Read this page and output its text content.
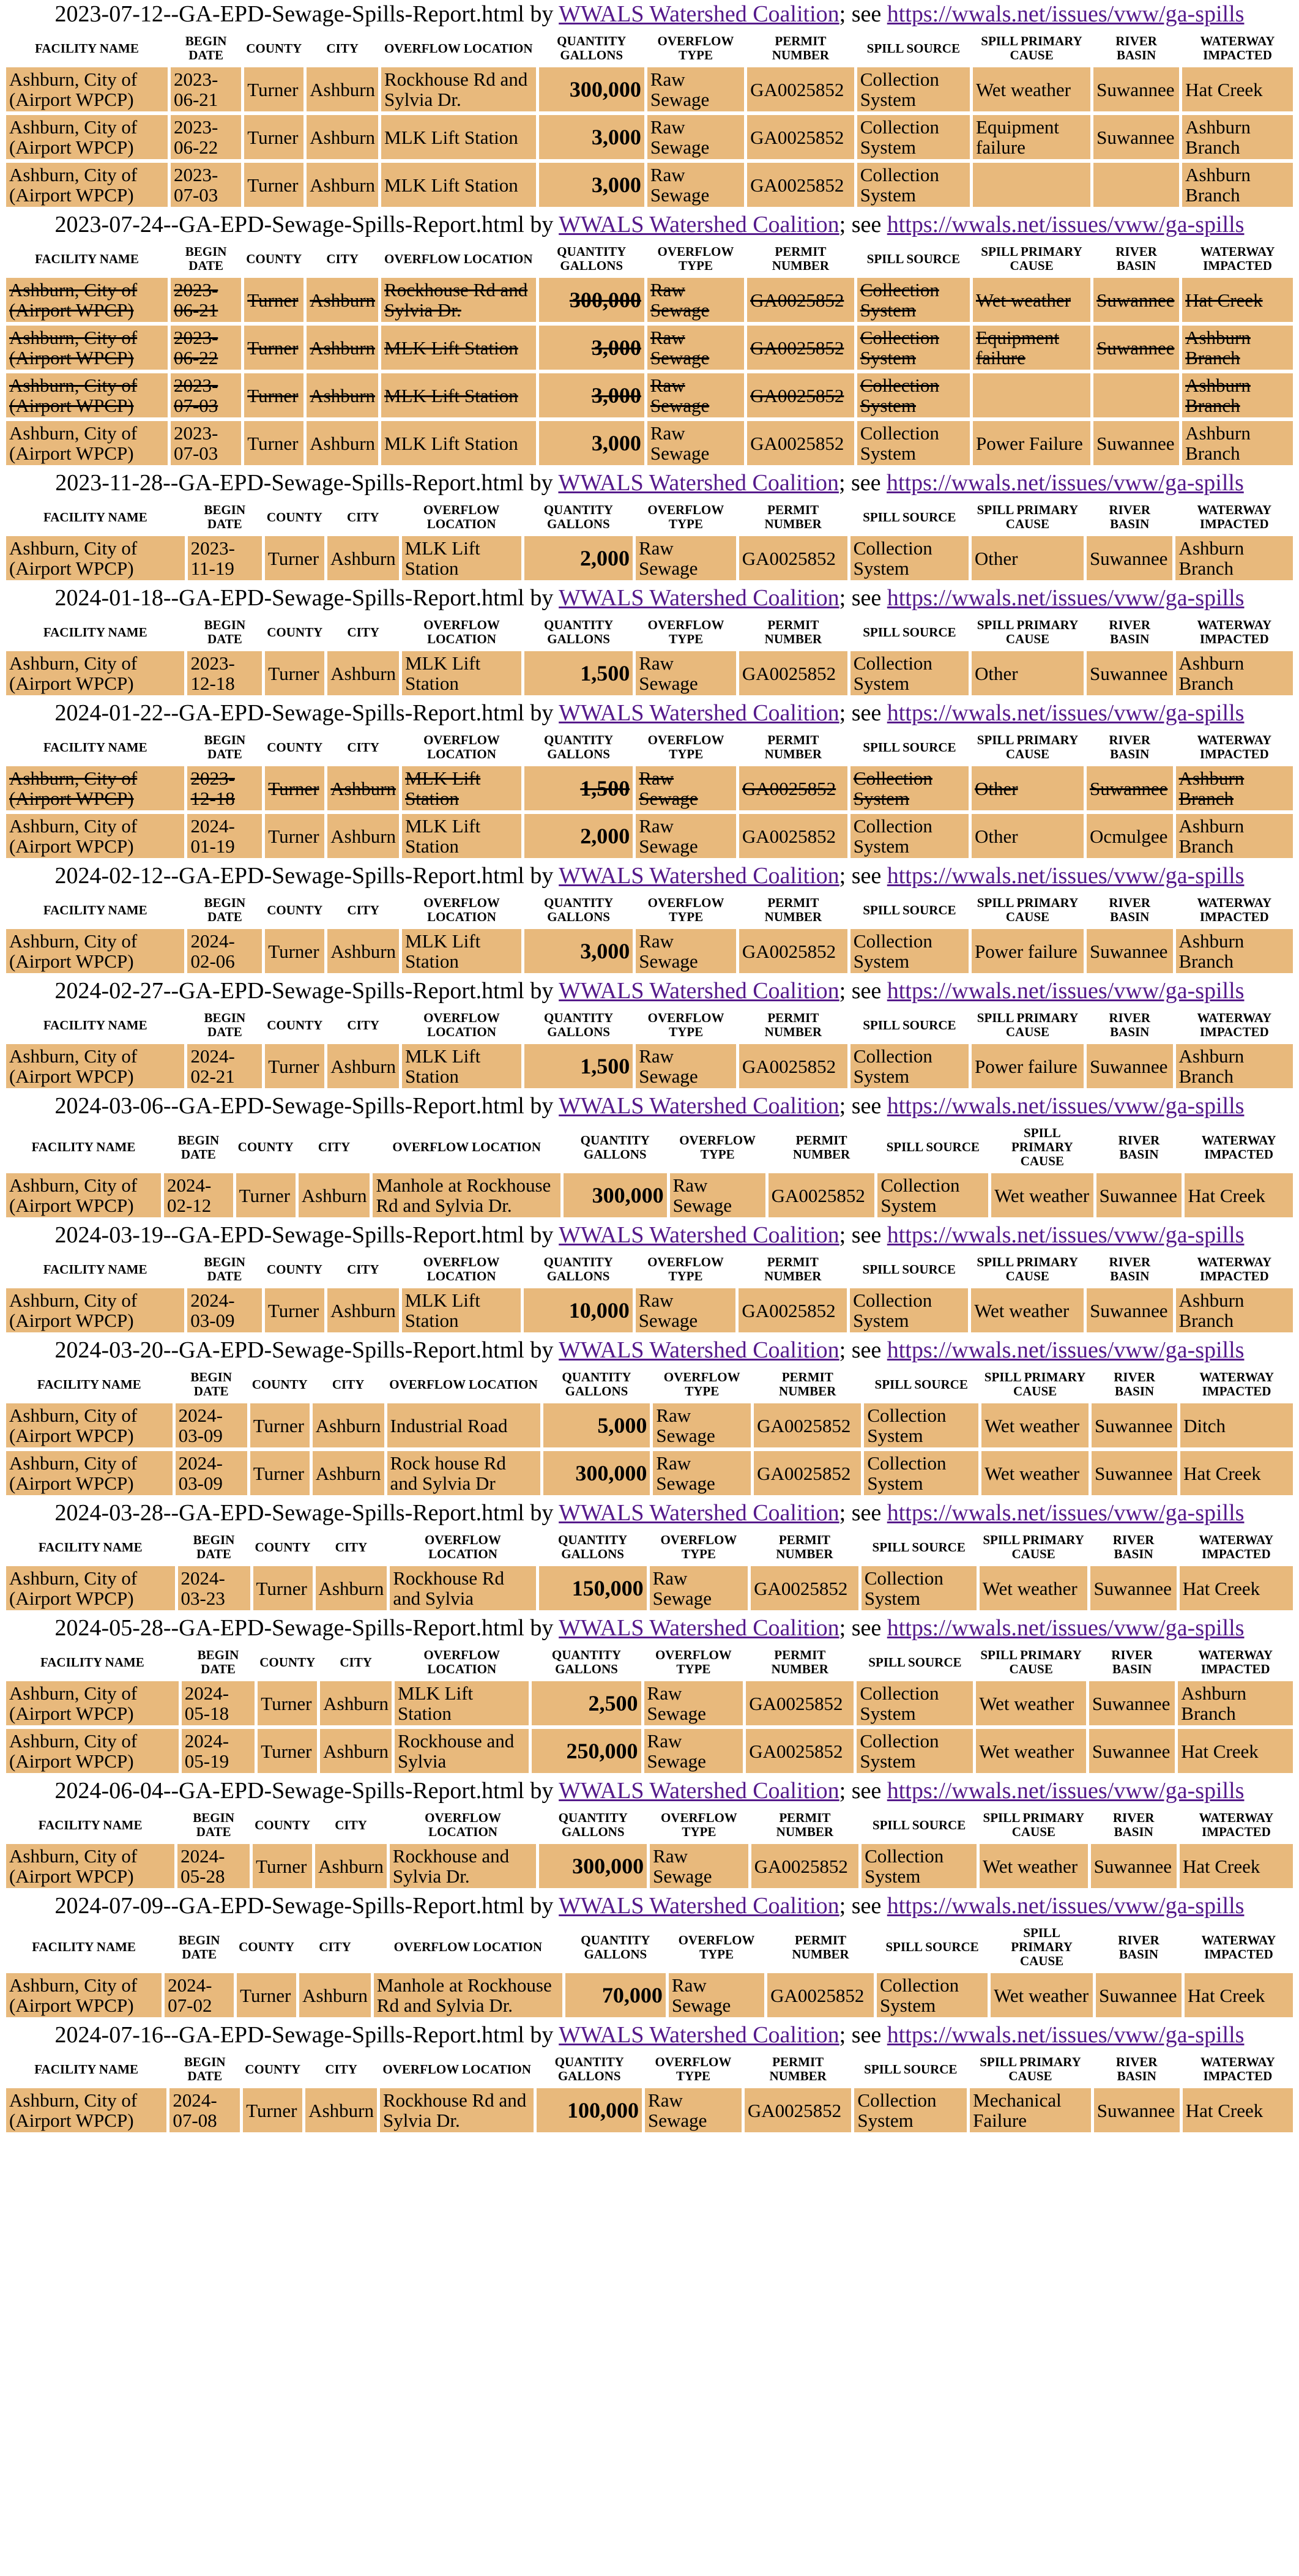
2023-07-12--GA-EPD-Sewage-Spills-Report.html by WWALS Watershed Coalition; see https://wwals.net/issues/vww/ga-spills
FACILITY NAME	BEGIN DATE	COUNTY	CITY	OVERFLOW LOCATION	QUANTITY GALLONS	OVERFLOW TYPE	PERMIT NUMBER	SPILL SOURCE	SPILL PRIMARY CAUSE	RIVER BASIN	WATERWAY IMPACTED
Ashburn, City of (Airport WPCP)	2023-06-21	Turner	Ashburn	Rockhouse Rd and Sylvia Dr.	300,000	Raw Sewage	GA0025852	Collection System	Wet weather	Suwannee	Hat Creek
Ashburn, City of (Airport WPCP)	2023-06-22	Turner	Ashburn	MLK Lift Station	3,000	Raw Sewage	GA0025852	Collection System	Equipment failure	Suwannee	Ashburn Branch
Ashburn, City of (Airport WPCP)	2023-07-03	Turner	Ashburn	MLK Lift Station	3,000	Raw Sewage	GA0025852	Collection System			Ashburn Branch
2023-07-24--GA-EPD-Sewage-Spills-Report.html by WWALS Watershed Coalition; see https://wwals.net/issues/vww/ga-spills
FACILITY NAME	BEGIN DATE	COUNTY	CITY	OVERFLOW LOCATION	QUANTITY GALLONS	OVERFLOW TYPE	PERMIT NUMBER	SPILL SOURCE	SPILL PRIMARY CAUSE	RIVER BASIN	WATERWAY IMPACTED
Ashburn, City of (Airport WPCP)	2023-06-21	Turner	Ashburn	Rockhouse Rd and Sylvia Dr.	300,000	Raw Sewage	GA0025852	Collection System	Wet weather	Suwannee	Hat Creek
Ashburn, City of (Airport WPCP)	2023-06-22	Turner	Ashburn	MLK Lift Station	3,000	Raw Sewage	GA0025852	Collection System	Equipment failure	Suwannee	Ashburn Branch
Ashburn, City of (Airport WPCP)	2023-07-03	Turner	Ashburn	MLK Lift Station	3,000	Raw Sewage	GA0025852	Collection System			Ashburn Branch
Ashburn, City of (Airport WPCP)	2023-07-03	Turner	Ashburn	MLK Lift Station	3,000	Raw Sewage	GA0025852	Collection System	Power Failure	Suwannee	Ashburn Branch
2023-11-28--GA-EPD-Sewage-Spills-Report.html by WWALS Watershed Coalition; see https://wwals.net/issues/vww/ga-spills
FACILITY NAME	BEGIN DATE	COUNTY	CITY	OVERFLOW LOCATION	QUANTITY GALLONS	OVERFLOW TYPE	PERMIT NUMBER	SPILL SOURCE	SPILL PRIMARY CAUSE	RIVER BASIN	WATERWAY IMPACTED
Ashburn, City of (Airport WPCP)	2023-11-19	Turner	Ashburn	MLK Lift Station	2,000	Raw Sewage	GA0025852	Collection System	Other	Suwannee	Ashburn Branch
2024-01-18--GA-EPD-Sewage-Spills-Report.html by WWALS Watershed Coalition; see https://wwals.net/issues/vww/ga-spills
FACILITY NAME	BEGIN DATE	COUNTY	CITY	OVERFLOW LOCATION	QUANTITY GALLONS	OVERFLOW TYPE	PERMIT NUMBER	SPILL SOURCE	SPILL PRIMARY CAUSE	RIVER BASIN	WATERWAY IMPACTED
Ashburn, City of (Airport WPCP)	2023-12-18	Turner	Ashburn	MLK Lift Station	1,500	Raw Sewage	GA0025852	Collection System	Other	Suwannee	Ashburn Branch
2024-01-22--GA-EPD-Sewage-Spills-Report.html by WWALS Watershed Coalition; see https://wwals.net/issues/vww/ga-spills
FACILITY NAME	BEGIN DATE	COUNTY	CITY	OVERFLOW LOCATION	QUANTITY GALLONS	OVERFLOW TYPE	PERMIT NUMBER	SPILL SOURCE	SPILL PRIMARY CAUSE	RIVER BASIN	WATERWAY IMPACTED
Ashburn, City of (Airport WPCP)	2023-12-18	Turner	Ashburn	MLK Lift Station	1,500	Raw Sewage	GA0025852	Collection System	Other	Suwannee	Ashburn Branch
Ashburn, City of (Airport WPCP)	2024-01-19	Turner	Ashburn	MLK Lift Station	2,000	Raw Sewage	GA0025852	Collection System	Other	Ocmulgee	Ashburn Branch
2024-02-12--GA-EPD-Sewage-Spills-Report.html by WWALS Watershed Coalition; see https://wwals.net/issues/vww/ga-spills
FACILITY NAME	BEGIN DATE	COUNTY	CITY	OVERFLOW LOCATION	QUANTITY GALLONS	OVERFLOW TYPE	PERMIT NUMBER	SPILL SOURCE	SPILL PRIMARY CAUSE	RIVER BASIN	WATERWAY IMPACTED
Ashburn, City of (Airport WPCP)	2024-02-06	Turner	Ashburn	MLK Lift Station	3,000	Raw Sewage	GA0025852	Collection System	Power failure	Suwannee	Ashburn Branch
2024-02-27--GA-EPD-Sewage-Spills-Report.html by WWALS Watershed Coalition; see https://wwals.net/issues/vww/ga-spills
FACILITY NAME	BEGIN DATE	COUNTY	CITY	OVERFLOW LOCATION	QUANTITY GALLONS	OVERFLOW TYPE	PERMIT NUMBER	SPILL SOURCE	SPILL PRIMARY CAUSE	RIVER BASIN	WATERWAY IMPACTED
Ashburn, City of (Airport WPCP)	2024-02-21	Turner	Ashburn	MLK Lift Station	1,500	Raw Sewage	GA0025852	Collection System	Power failure	Suwannee	Ashburn Branch
2024-03-06--GA-EPD-Sewage-Spills-Report.html by WWALS Watershed Coalition; see https://wwals.net/issues/vww/ga-spills
FACILITY NAME	BEGIN DATE	COUNTY	CITY	OVERFLOW LOCATION	QUANTITY GALLONS	OVERFLOW TYPE	PERMIT NUMBER	SPILL SOURCE	SPILL PRIMARY CAUSE	RIVER BASIN	WATERWAY IMPACTED
Ashburn, City of (Airport WPCP)	2024-02-12	Turner	Ashburn	Manhole at Rockhouse Rd and Sylvia Dr.	300,000	Raw Sewage	GA0025852	Collection System	Wet weather	Suwannee	Hat Creek
2024-03-19--GA-EPD-Sewage-Spills-Report.html by WWALS Watershed Coalition; see https://wwals.net/issues/vww/ga-spills
FACILITY NAME	BEGIN DATE	COUNTY	CITY	OVERFLOW LOCATION	QUANTITY GALLONS	OVERFLOW TYPE	PERMIT NUMBER	SPILL SOURCE	SPILL PRIMARY CAUSE	RIVER BASIN	WATERWAY IMPACTED
Ashburn, City of (Airport WPCP)	2024-03-09	Turner	Ashburn	MLK Lift Station	10,000	Raw Sewage	GA0025852	Collection System	Wet weather	Suwannee	Ashburn Branch
2024-03-20--GA-EPD-Sewage-Spills-Report.html by WWALS Watershed Coalition; see https://wwals.net/issues/vww/ga-spills
FACILITY NAME	BEGIN DATE	COUNTY	CITY	OVERFLOW LOCATION	QUANTITY GALLONS	OVERFLOW TYPE	PERMIT NUMBER	SPILL SOURCE	SPILL PRIMARY CAUSE	RIVER BASIN	WATERWAY IMPACTED
Ashburn, City of (Airport WPCP)	2024-03-09	Turner	Ashburn	Industrial Road	5,000	Raw Sewage	GA0025852	Collection System	Wet weather	Suwannee	Ditch
Ashburn, City of (Airport WPCP)	2024-03-09	Turner	Ashburn	Rock house Rd and Sylvia Dr	300,000	Raw Sewage	GA0025852	Collection System	Wet weather	Suwannee	Hat Creek
2024-03-28--GA-EPD-Sewage-Spills-Report.html by WWALS Watershed Coalition; see https://wwals.net/issues/vww/ga-spills
FACILITY NAME	BEGIN DATE	COUNTY	CITY	OVERFLOW LOCATION	QUANTITY GALLONS	OVERFLOW TYPE	PERMIT NUMBER	SPILL SOURCE	SPILL PRIMARY CAUSE	RIVER BASIN	WATERWAY IMPACTED
Ashburn, City of (Airport WPCP)	2024-03-23	Turner	Ashburn	Rockhouse Rd and Sylvia	150,000	Raw Sewage	GA0025852	Collection System	Wet weather	Suwannee	Hat Creek
2024-05-28--GA-EPD-Sewage-Spills-Report.html by WWALS Watershed Coalition; see https://wwals.net/issues/vww/ga-spills
FACILITY NAME	BEGIN DATE	COUNTY	CITY	OVERFLOW LOCATION	QUANTITY GALLONS	OVERFLOW TYPE	PERMIT NUMBER	SPILL SOURCE	SPILL PRIMARY CAUSE	RIVER BASIN	WATERWAY IMPACTED
Ashburn, City of (Airport WPCP)	2024-05-18	Turner	Ashburn	MLK Lift Station	2,500	Raw Sewage	GA0025852	Collection System	Wet weather	Suwannee	Ashburn Branch
Ashburn, City of (Airport WPCP)	2024-05-19	Turner	Ashburn	Rockhouse and Sylvia	250,000	Raw Sewage	GA0025852	Collection System	Wet weather	Suwannee	Hat Creek
2024-06-04--GA-EPD-Sewage-Spills-Report.html by WWALS Watershed Coalition; see https://wwals.net/issues/vww/ga-spills
FACILITY NAME	BEGIN DATE	COUNTY	CITY	OVERFLOW LOCATION	QUANTITY GALLONS	OVERFLOW TYPE	PERMIT NUMBER	SPILL SOURCE	SPILL PRIMARY CAUSE	RIVER BASIN	WATERWAY IMPACTED
Ashburn, City of (Airport WPCP)	2024-05-28	Turner	Ashburn	Rockhouse and Sylvia Dr.	300,000	Raw Sewage	GA0025852	Collection System	Wet weather	Suwannee	Hat Creek
2024-07-09--GA-EPD-Sewage-Spills-Report.html by WWALS Watershed Coalition; see https://wwals.net/issues/vww/ga-spills
FACILITY NAME	BEGIN DATE	COUNTY	CITY	OVERFLOW LOCATION	QUANTITY GALLONS	OVERFLOW TYPE	PERMIT NUMBER	SPILL SOURCE	SPILL PRIMARY CAUSE	RIVER BASIN	WATERWAY IMPACTED
Ashburn, City of (Airport WPCP)	2024-07-02	Turner	Ashburn	Manhole at Rockhouse Rd and Sylvia Dr.	70,000	Raw Sewage	GA0025852	Collection System	Wet weather	Suwannee	Hat Creek
2024-07-16--GA-EPD-Sewage-Spills-Report.html by WWALS Watershed Coalition; see https://wwals.net/issues/vww/ga-spills
FACILITY NAME	BEGIN DATE	COUNTY	CITY	OVERFLOW LOCATION	QUANTITY GALLONS	OVERFLOW TYPE	PERMIT NUMBER	SPILL SOURCE	SPILL PRIMARY CAUSE	RIVER BASIN	WATERWAY IMPACTED
Ashburn, City of (Airport WPCP)	2024-07-08	Turner	Ashburn	Rockhouse Rd and Sylvia Dr.	100,000	Raw Sewage	GA0025852	Collection System	Mechanical Failure	Suwannee	Hat Creek
